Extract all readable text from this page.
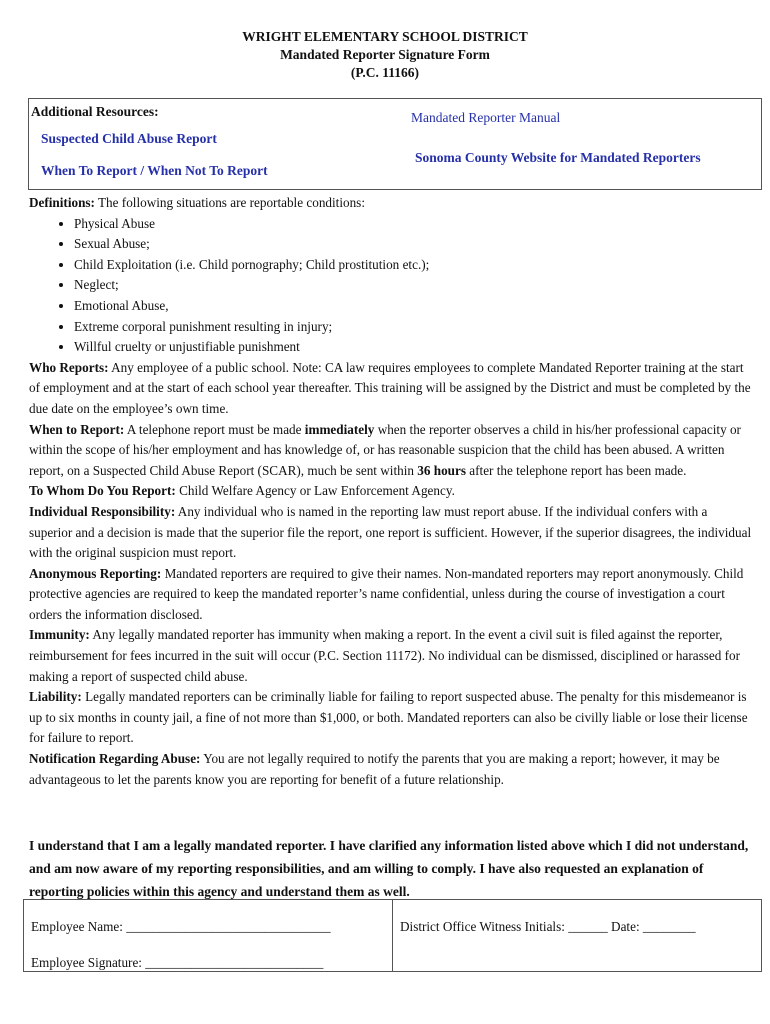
WRIGHT ELEMENTARY SCHOOL DISTRICT
Mandated Reporter Signature Form
(P.C. 11166)
Additional Resources:
Suspected Child Abuse Report
When To Report / When Not To Report
Mandated Reporter Manual
Sonoma County Website for Mandated Reporters

Definitions: The following situations are reportable conditions:

• Physical Abuse
• Sexual Abuse;
• Child Exploitation (i.e. Child pornography; Child prostitution etc.);
• Neglect;
• Emotional Abuse,
• Extreme corporal punishment resulting in injury;
• Willful cruelty or unjustifiable punishment

Who Reports: Any employee of a public school. Note: CA law requires employees to complete Mandated Reporter training at the start of employment and at the start of each school year thereafter. This training will be assigned by the District and must be completed by the due date on the employee’s own time.

When to Report: A telephone report must be made immediately when the reporter observes a child in his/her professional capacity or within the scope of his/her employment and has knowledge of, or has reasonable suspicion that the child has been abused. A written report, on a Suspected Child Abuse Report (SCAR), much be sent within 36 hours after the telephone report has been made.

To Whom Do You Report: Child Welfare Agency or Law Enforcement Agency.

Individual Responsibility: Any individual who is named in the reporting law must report abuse. If the individual confers with a superior and a decision is made that the superior file the report, one report is sufficient. However, if the superior disagrees, the individual with the original suspicion must report.

Anonymous Reporting: Mandated reporters are required to give their names. Non-mandated reporters may report anonymously. Child protective agencies are required to keep the mandated reporter’s name confidential, unless during the course of investigation a court orders the information disclosed.

Immunity: Any legally mandated reporter has immunity when making a report. In the event a civil suit is filed against the reporter, reimbursement for fees incurred in the suit will occur (P.C. Section 11172). No individual can be dismissed, disciplined or harassed for making a report of suspected child abuse.

Liability: Legally mandated reporters can be criminally liable for failing to report suspected abuse. The penalty for this misdemeanor is up to six months in county jail, a fine of not more than $1,000, or both. Mandated reporters can also be civilly liable or lose their license for failure to report.

Notification Regarding Abuse: You are not legally required to notify the parents that you are making a report; however, it may be advantageous to let the parents know you are reporting for benefit of a future relationship.

I understand that I am a legally mandated reporter. I have clarified any information listed above which I did not understand, and am now aware of my reporting responsibilities, and am willing to comply. I have also requested an explanation of reporting policies within this agency and understand them as well.
Employee Name: _______________________________
Employee Signature: ___________________________
District Office Witness Initials: ______ Date: ________
